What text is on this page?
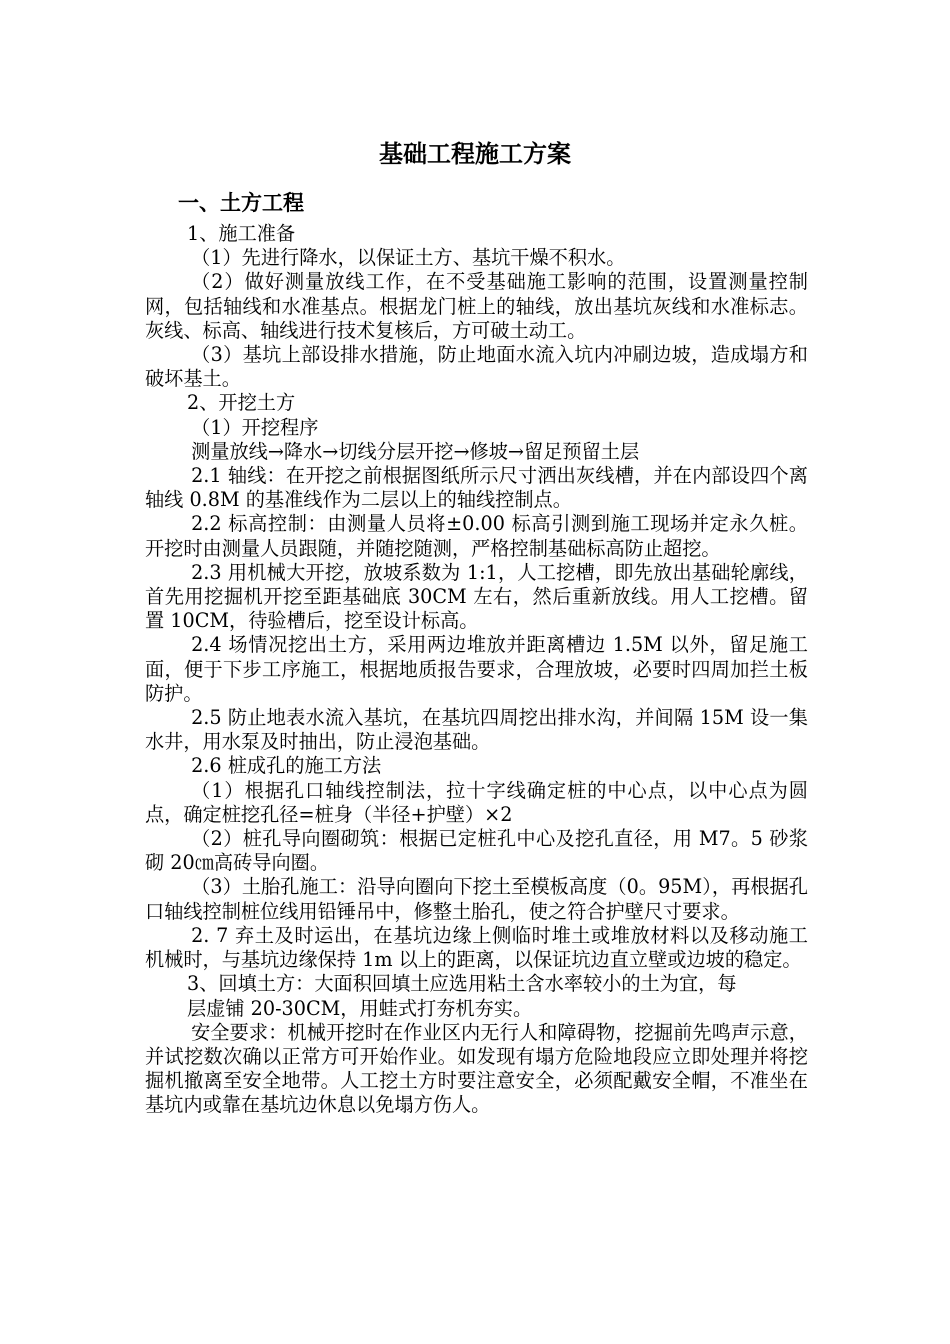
基础工程施工方案
一、土方工程

1、施工准备

（1）先进行降水，以保证土方、基坑干燥不积水。

（2）做好测量放线工作，在不受基础施工影响的范围，设置测量控制网，包括轴线和水准基点。根据龙门桩上的轴线，放出基坑灰线和水准标志。灰线、标高、轴线进行技术复核后，方可破土动工。

（3）基坑上部设排水措施，防止地面水流入坑内冲刷边坡，造成塌方和破坏基土。

2、开挖土方

（1）开挖程序

测量放线→降水→切线分层开挖→修坡→留足预留土层

2.1 轴线：在开挖之前根据图纸所示尺寸洒出灰线槽，并在内部设四个离轴线 0.8M 的基准线作为二层以上的轴线控制点。

2.2 标高控制：由测量人员将±0.00 标高引测到施工现场并定永久桩。开挖时由测量人员跟随，并随挖随测，严格控制基础标高防止超挖。

2.3 用机械大开挖，放坡系数为 1:1，人工挖槽，即先放出基础轮廓线，首先用挖掘机开挖至距基础底 30CM 左右，然后重新放线。用人工挖槽。留置 10CM，待验槽后，挖至设计标高。

2.4 场情况挖出土方，采用两边堆放并距离槽边 1.5M 以外，留足施工面，便于下步工序施工，根据地质报告要求，合理放坡，必要时四周加拦土板防护。

2.5 防止地表水流入基坑，在基坑四周挖出排水沟，并间隔 15M 设一集水井，用水泵及时抽出，防止浸泡基础。

2.6 桩成孔的施工方法

（1）根据孔口轴线控制法，拉十字线确定桩的中心点，以中心点为圆点，确定桩挖孔径=桩身（半径+护壁）×2

（2）桩孔导向圈砌筑：根据已定桩孔中心及挖孔直径，用 M7。5 砂浆砌 20㎝高砖导向圈。

（3）土胎孔施工：沿导向圈向下挖土至模板高度（0。95M），再根据孔口轴线控制桩位线用铅锤吊中，修整土胎孔，使之符合护壁尺寸要求。

2. 7 弃土及时运出，在基坑边缘上侧临时堆土或堆放材料以及移动施工机械时，与基坑边缘保持 1m 以上的距离，以保证坑边直立壁或边坡的稳定。

3、回填土方：大面积回填土应选用粘土含水率较小的土为宜，每

层虚铺 20-30CM，用蛙式打夯机夯实。

安全要求：机械开挖时在作业区内无行人和障碍物，挖掘前先鸣声示意，并试挖数次确以正常方可开始作业。如发现有塌方危险地段应立即处理并将挖掘机撤离至安全地带。人工挖土方时要注意安全，必须配戴安全帽，不准坐在基坑内或靠在基坑边休息以免塌方伤人。
